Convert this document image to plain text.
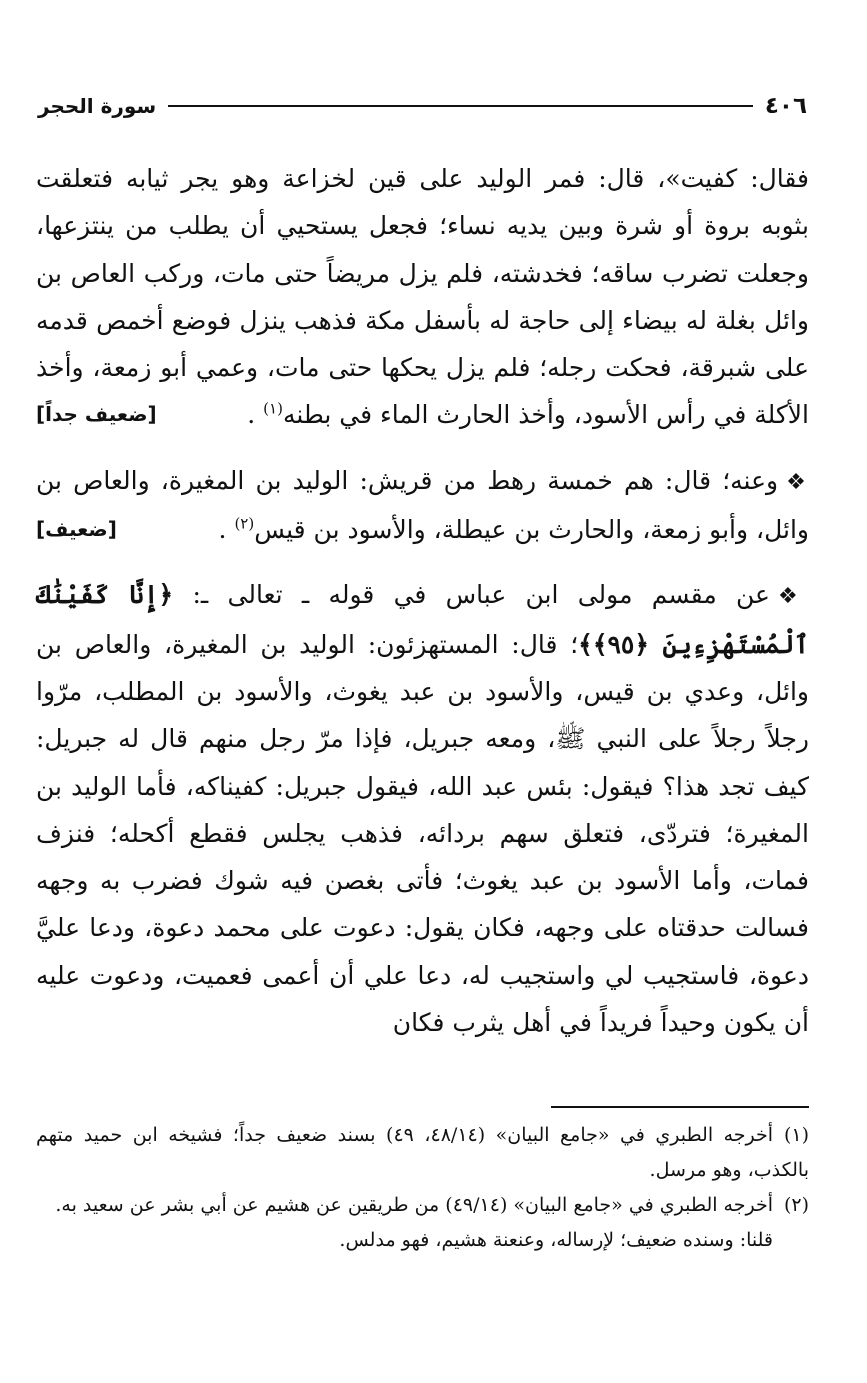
سورة الحجر	٤٠٦

فقال: كفيت»، قال: فمر الوليد على قين لخزاعة وهو يجر ثيابه فتعلقت بثوبه بروة أو شرة وبين يديه نساء؛ فجعل يستحيي أن يطلب من ينتزعها، وجعلت تضرب ساقه؛ فخدشته، فلم يزل مريضاً حتى مات، وركب العاص بن وائل بغلة له بيضاء إلى حاجة له بأسفل مكة فذهب ينزل فوضع أخمص قدمه على شبرقة، فحكت رجله؛ فلم يزل يحكها حتى مات، وعمي أبو زمعة، وأخذ الأكلة في رأس الأسود، وأخذ الحارث الماء في بطنه$^{(١)}$ .
[ضعيف جداً]

❖وعنه؛ قال: هم خمسة رهط من قريش: الوليد بن المغيرة، والعاص بن وائل، وأبو زمعة، والحارث بن عيطلة، والأسود بن قيس$^{(٢)}$ .
[ضعيف]

❖عن مقسم مولى ابن عباس في قوله ـ تعالى ـ: ﴿إِنَّا كَفَيْنَٰكَ ٱلْمُسْتَهْزِءِينَ ﴿٩٥﴾﴾؛ قال: المستهزئون: الوليد بن المغيرة، والعاص بن وائل، وعدي بن قيس، والأسود بن عبد يغوث، والأسود بن المطلب، مرّوا رجلاً رجلاً على النبي ﷺ، ومعه جبريل، فإذا مرّ رجل منهم قال له جبريل: كيف تجد هذا؟ فيقول: بئس عبد الله، فيقول جبريل: كفيناكه، فأما الوليد بن المغيرة؛ فتردّى، فتعلق سهم بردائه، فذهب يجلس فقطع أكحله؛ فنزف فمات، وأما الأسود بن عبد يغوث؛ فأتى بغصن فيه شوك فضرب به وجهه فسالت حدقتاه على وجهه، فكان يقول: دعوت على محمد دعوة، ودعا عليَّ دعوة، فاستجيب لي واستجيب له، دعا علي أن أعمى فعميت، ودعوت عليه أن يكون وحيداً فريداً في أهل يثرب فكان

(١)أخرجه الطبري في «جامع البيان» (٤٨/١٤، ٤٩) بسند ضعيف جداً؛ فشيخه ابن حميد متهم بالكذب، وهو مرسل.

(٢)أخرجه الطبري في «جامع البيان» (٤٩/١٤) من طريقين عن هشيم عن أبي بشر عن سعيد به.

قلنا: وسنده ضعيف؛ لإرساله، وعنعنة هشيم، فهو مدلس.
